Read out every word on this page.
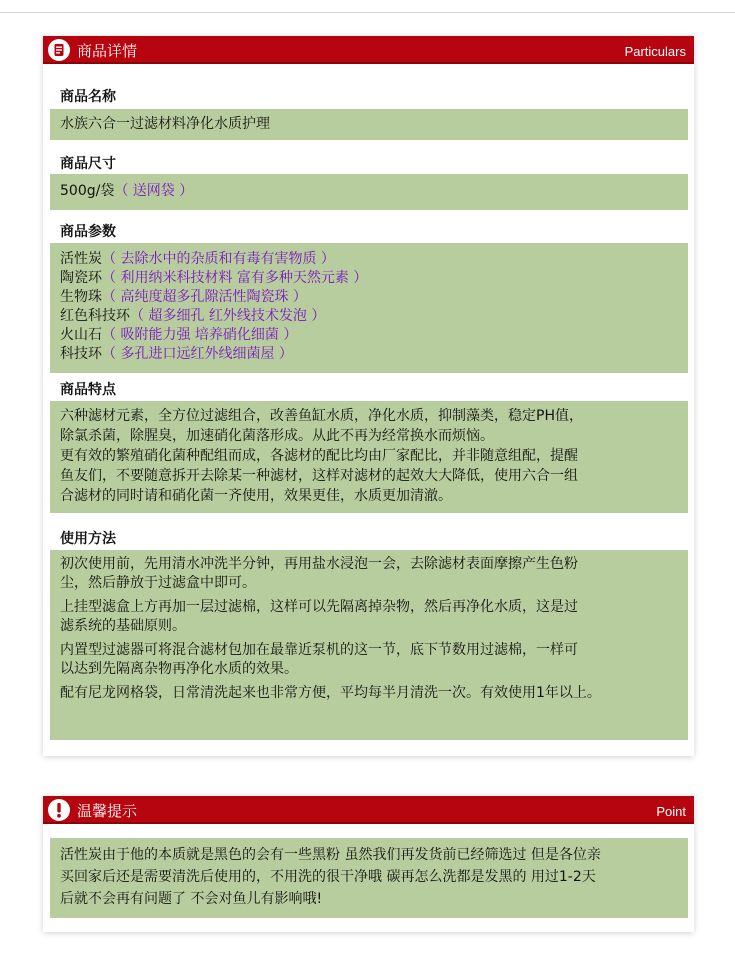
商品详情	Particulars
商品名称
水族六合一过滤材料净化水质护理
商品尺寸
500g/袋（ 送网袋 ）
商品参数
活性炭（ 去除水中的杂质和有毒有害物质 ）
陶瓷环（ 利用纳米科技材料 富有多种天然元素 ）
生物珠（ 高纯度超多孔隙活性陶瓷珠 ）
红色科技环（ 超多细孔 红外线技术发泡 ）
火山石（ 吸附能力强 培养硝化细菌 ）
科技环（ 多孔进口远红外线细菌屋 ）
商品特点
六种滤材元素，全方位过滤组合，改善鱼缸水质，净化水质，抑制藻类，稳定PH值，
除氯杀菌，除腥臭，加速硝化菌落形成。从此不再为经常换水而烦恼。
更有效的繁殖硝化菌种配组而成，各滤材的配比均由厂家配比，并非随意组配，提醒
鱼友们，不要随意拆开去除某一种滤材，这样对滤材的起效大大降低，使用六合一组
合滤材的同时请和硝化菌一齐使用，效果更佳，水质更加清澈。
使用方法
初次使用前，先用清水冲洗半分钟，再用盐水浸泡一会，去除滤材表面摩擦产生色粉
尘，然后静放于过滤盒中即可。
上挂型滤盒上方再加一层过滤棉，这样可以先隔离掉杂物，然后再净化水质，这是过
滤系统的基础原则。
内置型过滤器可将混合滤材包加在最靠近泵机的这一节，底下节数用过滤棉，一样可
以达到先隔离杂物再净化水质的效果。
配有尼龙网格袋，日常清洗起来也非常方便，平均每半月清洗一次。有效使用1年以上。
温馨提示	Point
活性炭由于他的本质就是黑色的会有一些黑粉 虽然我们再发货前已经筛选过 但是各位亲
买回家后还是需要清洗后使用的，不用洗的很干净哦 碳再怎么洗都是发黑的 用过1-2天
后就不会再有问题了 不会对鱼儿有影响哦!
